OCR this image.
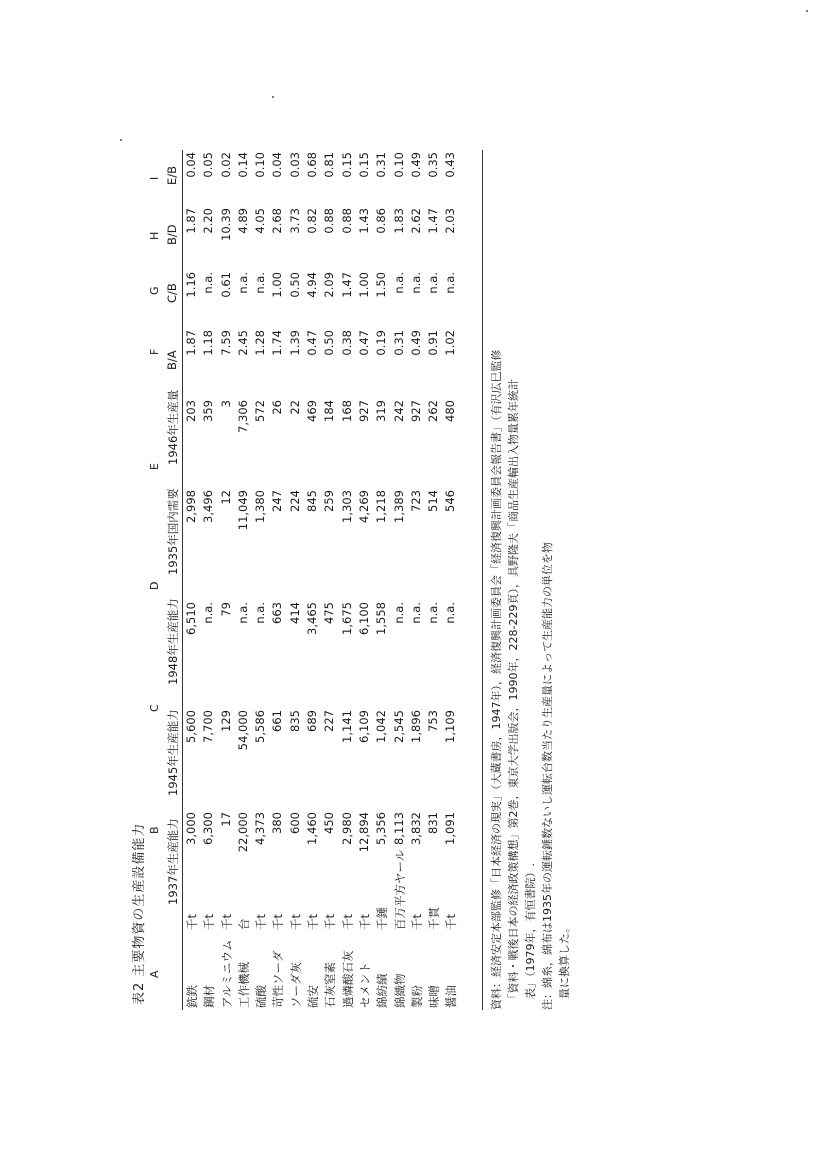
表2 主要物資の生産設備能力 A
B
C
D
E
F
G
H
I
1937年生産能力
1945年生産能力
1948年生産能力
1935年国内需要
1946年生産量
B/A
C/B
B/D
E/B
銑鉄
千t
3,000
5,600
6,510
2,998
203
1.87
1.16
1.87
0.04
鋼材
千t
6,300
7,700
n.a.
3,496
359
1.18
n.a.
2.20
0.05
アルミニウム
千t
17
129
79
12
3
7.59
0.61
10.39
0.02
工作機械
台
22,000
54,000
n.a.
11,049
7,306
2.45
n.a.
4.89
0.14
硫酸
千t
4,373
5,586
n.a.
1,380
572
1.28
n.a.
4.05
0.10
苛性ソーダ
千t
380
661
663
247
26
1.74
1.00
2.68
0.04
ソーダ灰
千t
600
835
414
224
22
1.39
0.50
3.73
0.03
硫安
千t
1,460
689
3,465
845
469
0.47
4.94
0.82
0.68
石灰窒素
千t
450
227
475
259
184
0.50
2.09
0.88
0.81
過燐酸石灰
千t
2,980
1,141
1,675
1,303
168
0.38
1.47
0.88
0.15
セメント
千t
12,894
6,109
6,100
4,269
927
0.47
1.00
1.43
0.15
綿紡績
千錘
5,356
1,042
1,558
1,218
319
0.19
1.50
0.86
0.31
綿織物
百万平方ヤール
8,113
2,545
n.a.
1,389
242
0.31
n.a.
1.83
0.10
製粉
千t
3,832
1,896
n.a.
723
927
0.49
n.a.
2.62
0.49
味噌
千貫
831
753
n.a.
514
262
0.91
n.a.
1.47
0.35
醤油
千t
1,091
1,109
n.a.
546
480
1.02
n.a.
2.03
0.43
資料：経済安定本部監修「日本経済の現実」（大蔵書房，1947年），経済復興計画委員会「経済復興計画委員会報告書」（有沢広巳監修 　「資料・戦後日本の経済政策構想」第2巻，東京大学出版会，1990年，228-229頁），具野隆夫「商品生産輸出入物量累年統計 　表」（1979年，有恒書院）. 注：綿糸，綿布は1935年の運転錘数ないし運転台数当たり生産量によって生産能力の単位を物 　量に換算した。
